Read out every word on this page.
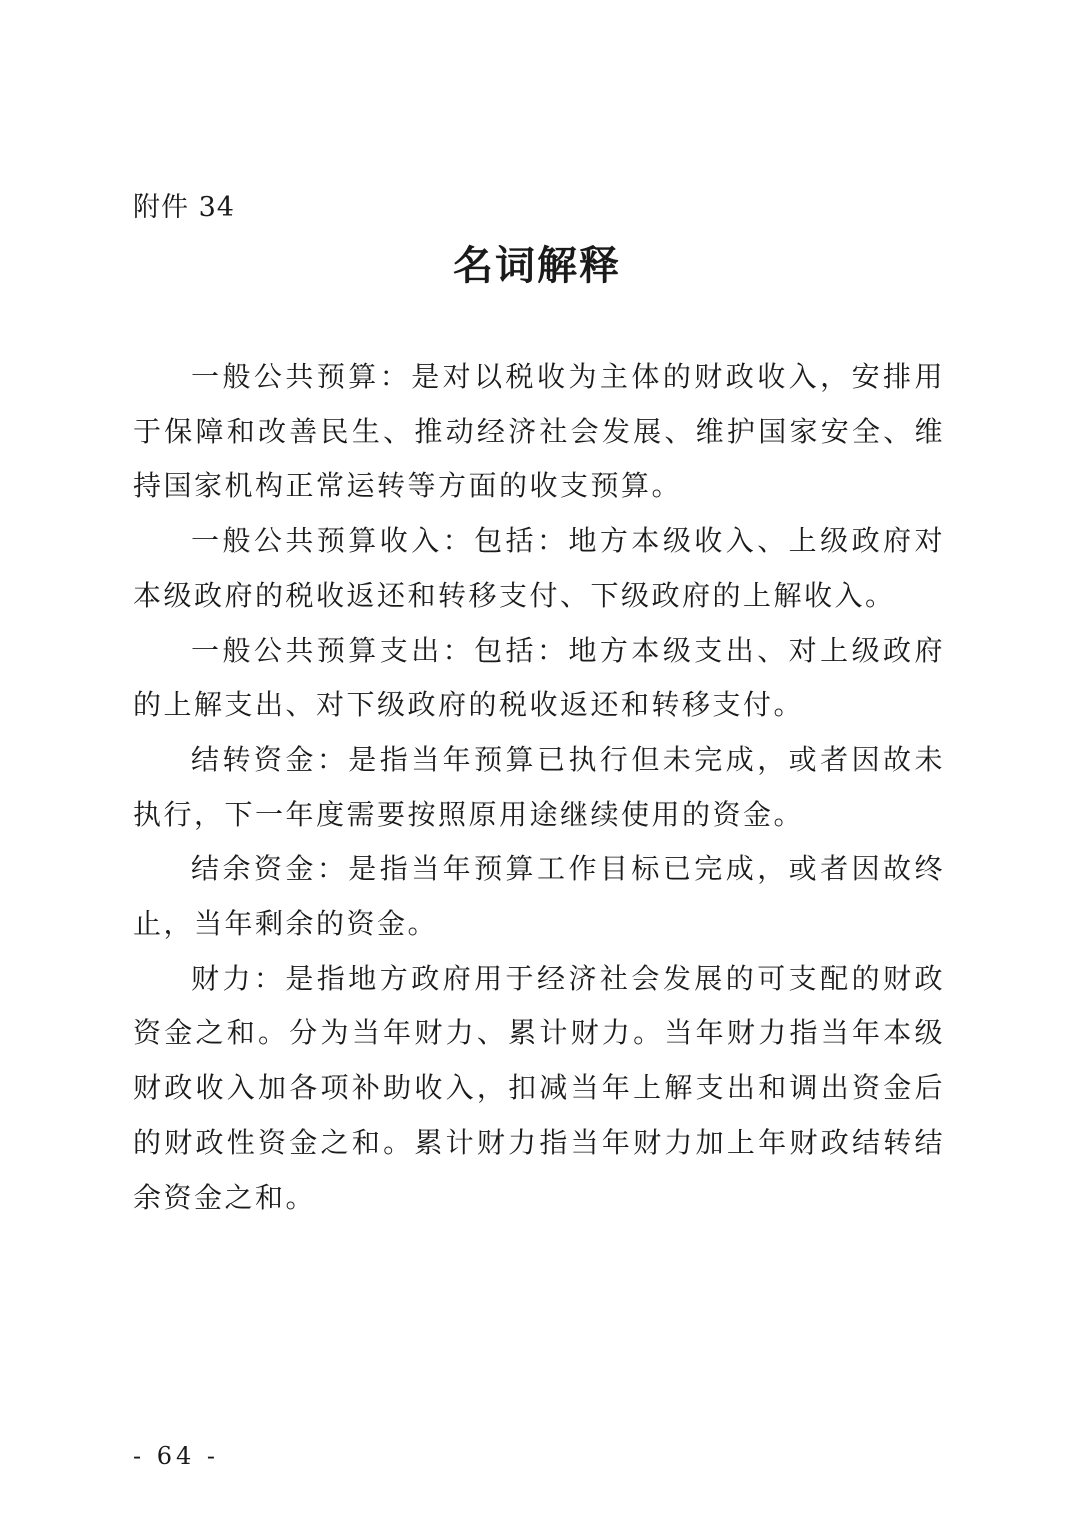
附件 34
名词解释

一般公共预算：是对以税收为主体的财政收入，安排用于保障和改善民生、推动经济社会发展、维护国家安全、维持国家机构正常运转等方面的收支预算。

一般公共预算收入：包括：地方本级收入、上级政府对本级政府的税收返还和转移支付、下级政府的上解收入。

一般公共预算支出：包括：地方本级支出、对上级政府的上解支出、对下级政府的税收返还和转移支付。

结转资金：是指当年预算已执行但未完成，或者因故未执行，下一年度需要按照原用途继续使用的资金。

结余资金：是指当年预算工作目标已完成，或者因故终止，当年剩余的资金。

财力：是指地方政府用于经济社会发展的可支配的财政资金之和。分为当年财力、累计财力。当年财力指当年本级财政收入加各项补助收入，扣减当年上解支出和调出资金后的财政性资金之和。累计财力指当年财力加上年财政结转结余资金之和。

- 64 -
